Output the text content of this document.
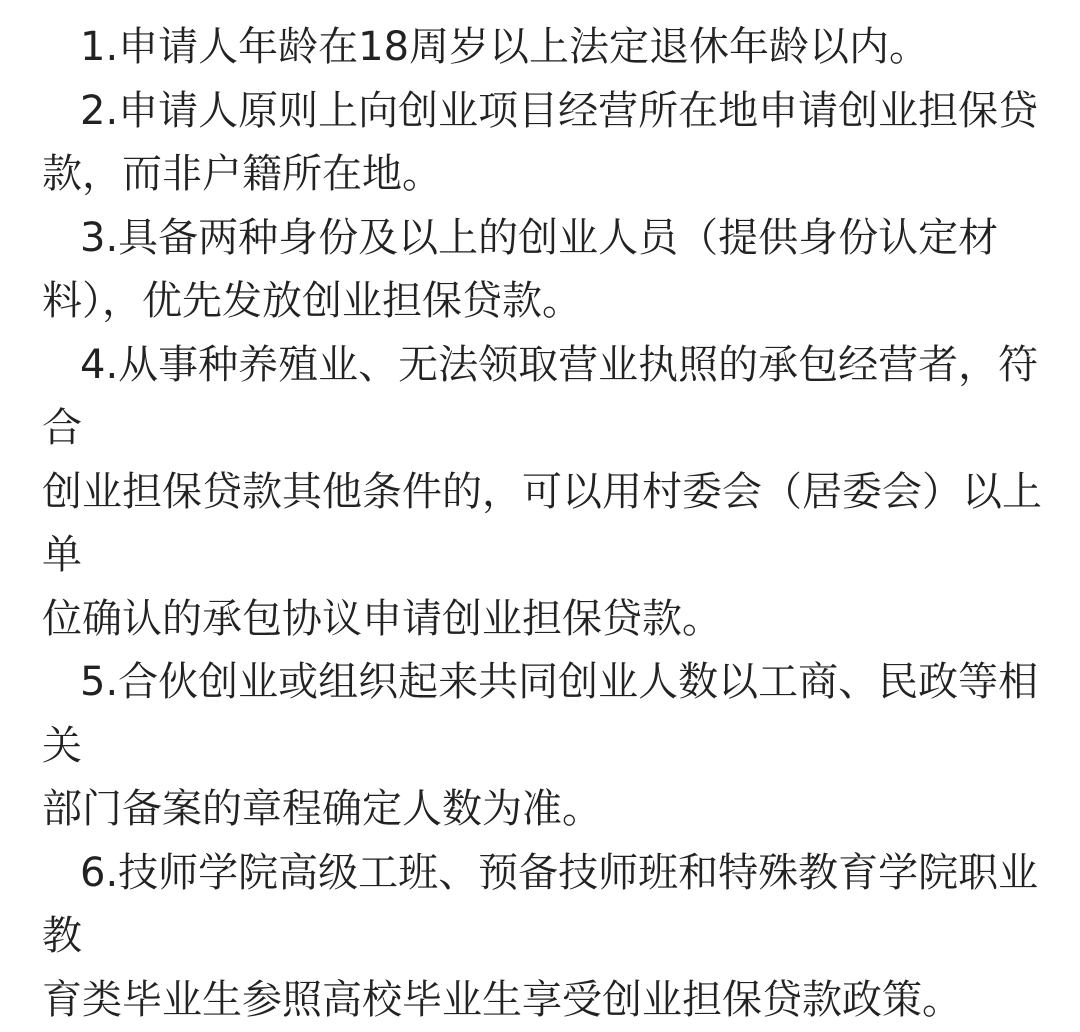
1.申请人年龄在18周岁以上法定退休年龄以内。

2.申请人原则上向创业项目经营所在地申请创业担保贷
款，而非户籍所在地。

3.具备两种身份及以上的创业人员（提供身份认定材
料），优先发放创业担保贷款。

4.从事种养殖业、无法领取营业执照的承包经营者，符合
创业担保贷款其他条件的，可以用村委会（居委会）以上单
位确认的承包协议申请创业担保贷款。

5.合伙创业或组织起来共同创业人数以工商、民政等相关
部门备案的章程确定人数为准。

6.技师学院高级工班、预备技师班和特殊教育学院职业教
育类毕业生参照高校毕业生享受创业担保贷款政策。
